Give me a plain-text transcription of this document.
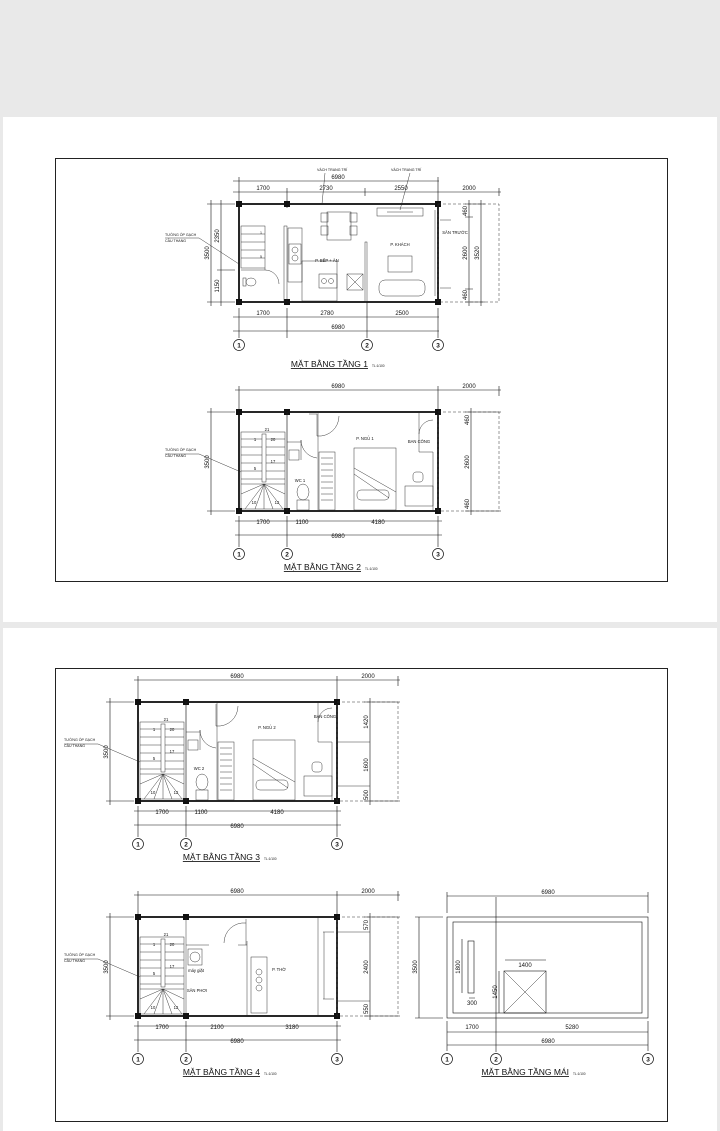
6980
1700	2730	2550	2000
1700	2780	2500
6980
3500
2350
1150
460
2600
460
3520
P. BẾP + ĂN
P. KHÁCH
SÂN TRƯỚC
VÁCH TRANG TRÍ	VÁCH TRANG TRÍ
TƯỜNG ỐP GẠCH
CẦU THANG
1
5
1	2	3
MẶT BẰNG TẦNG 1 TL:1/100
6980	2000
1700	1100	4180
6980
3500
460
2600
460
P. NGỦ 1
BAN CÔNG
WC 1
TƯỜNG ỐP GẠCH
CẦU THANG
21
1	20
17
5
10	12
1	2	3
MẶT BẰNG TẦNG 2 TL:1/100
6980	2000
1700	1100	4180
6980
3500
1420
1600
500
P. NGỦ 2
BAN CÔNG
WC 2
TƯỜNG ỐP GẠCH
CẦU THANG
21
1	20
17
5
10	12
1	2	3
MẶT BẰNG TẦNG 3 TL:1/100
6980	2000
1700	2100	3180
6980
3500
570
2400
550
P. THỜ
SÂN PHƠI
máy giặt
TƯỜNG ỐP GẠCH
CẦU THANG
21
1	20
17
5
10	12
1	2	3
MẶT BẰNG TẦNG 4 TL:1/100
6980
3500	1800
300
1400
1450
1700	5280
6980
1	2	3
MẶT BẰNG TẦNG MÁI TL:1/100
